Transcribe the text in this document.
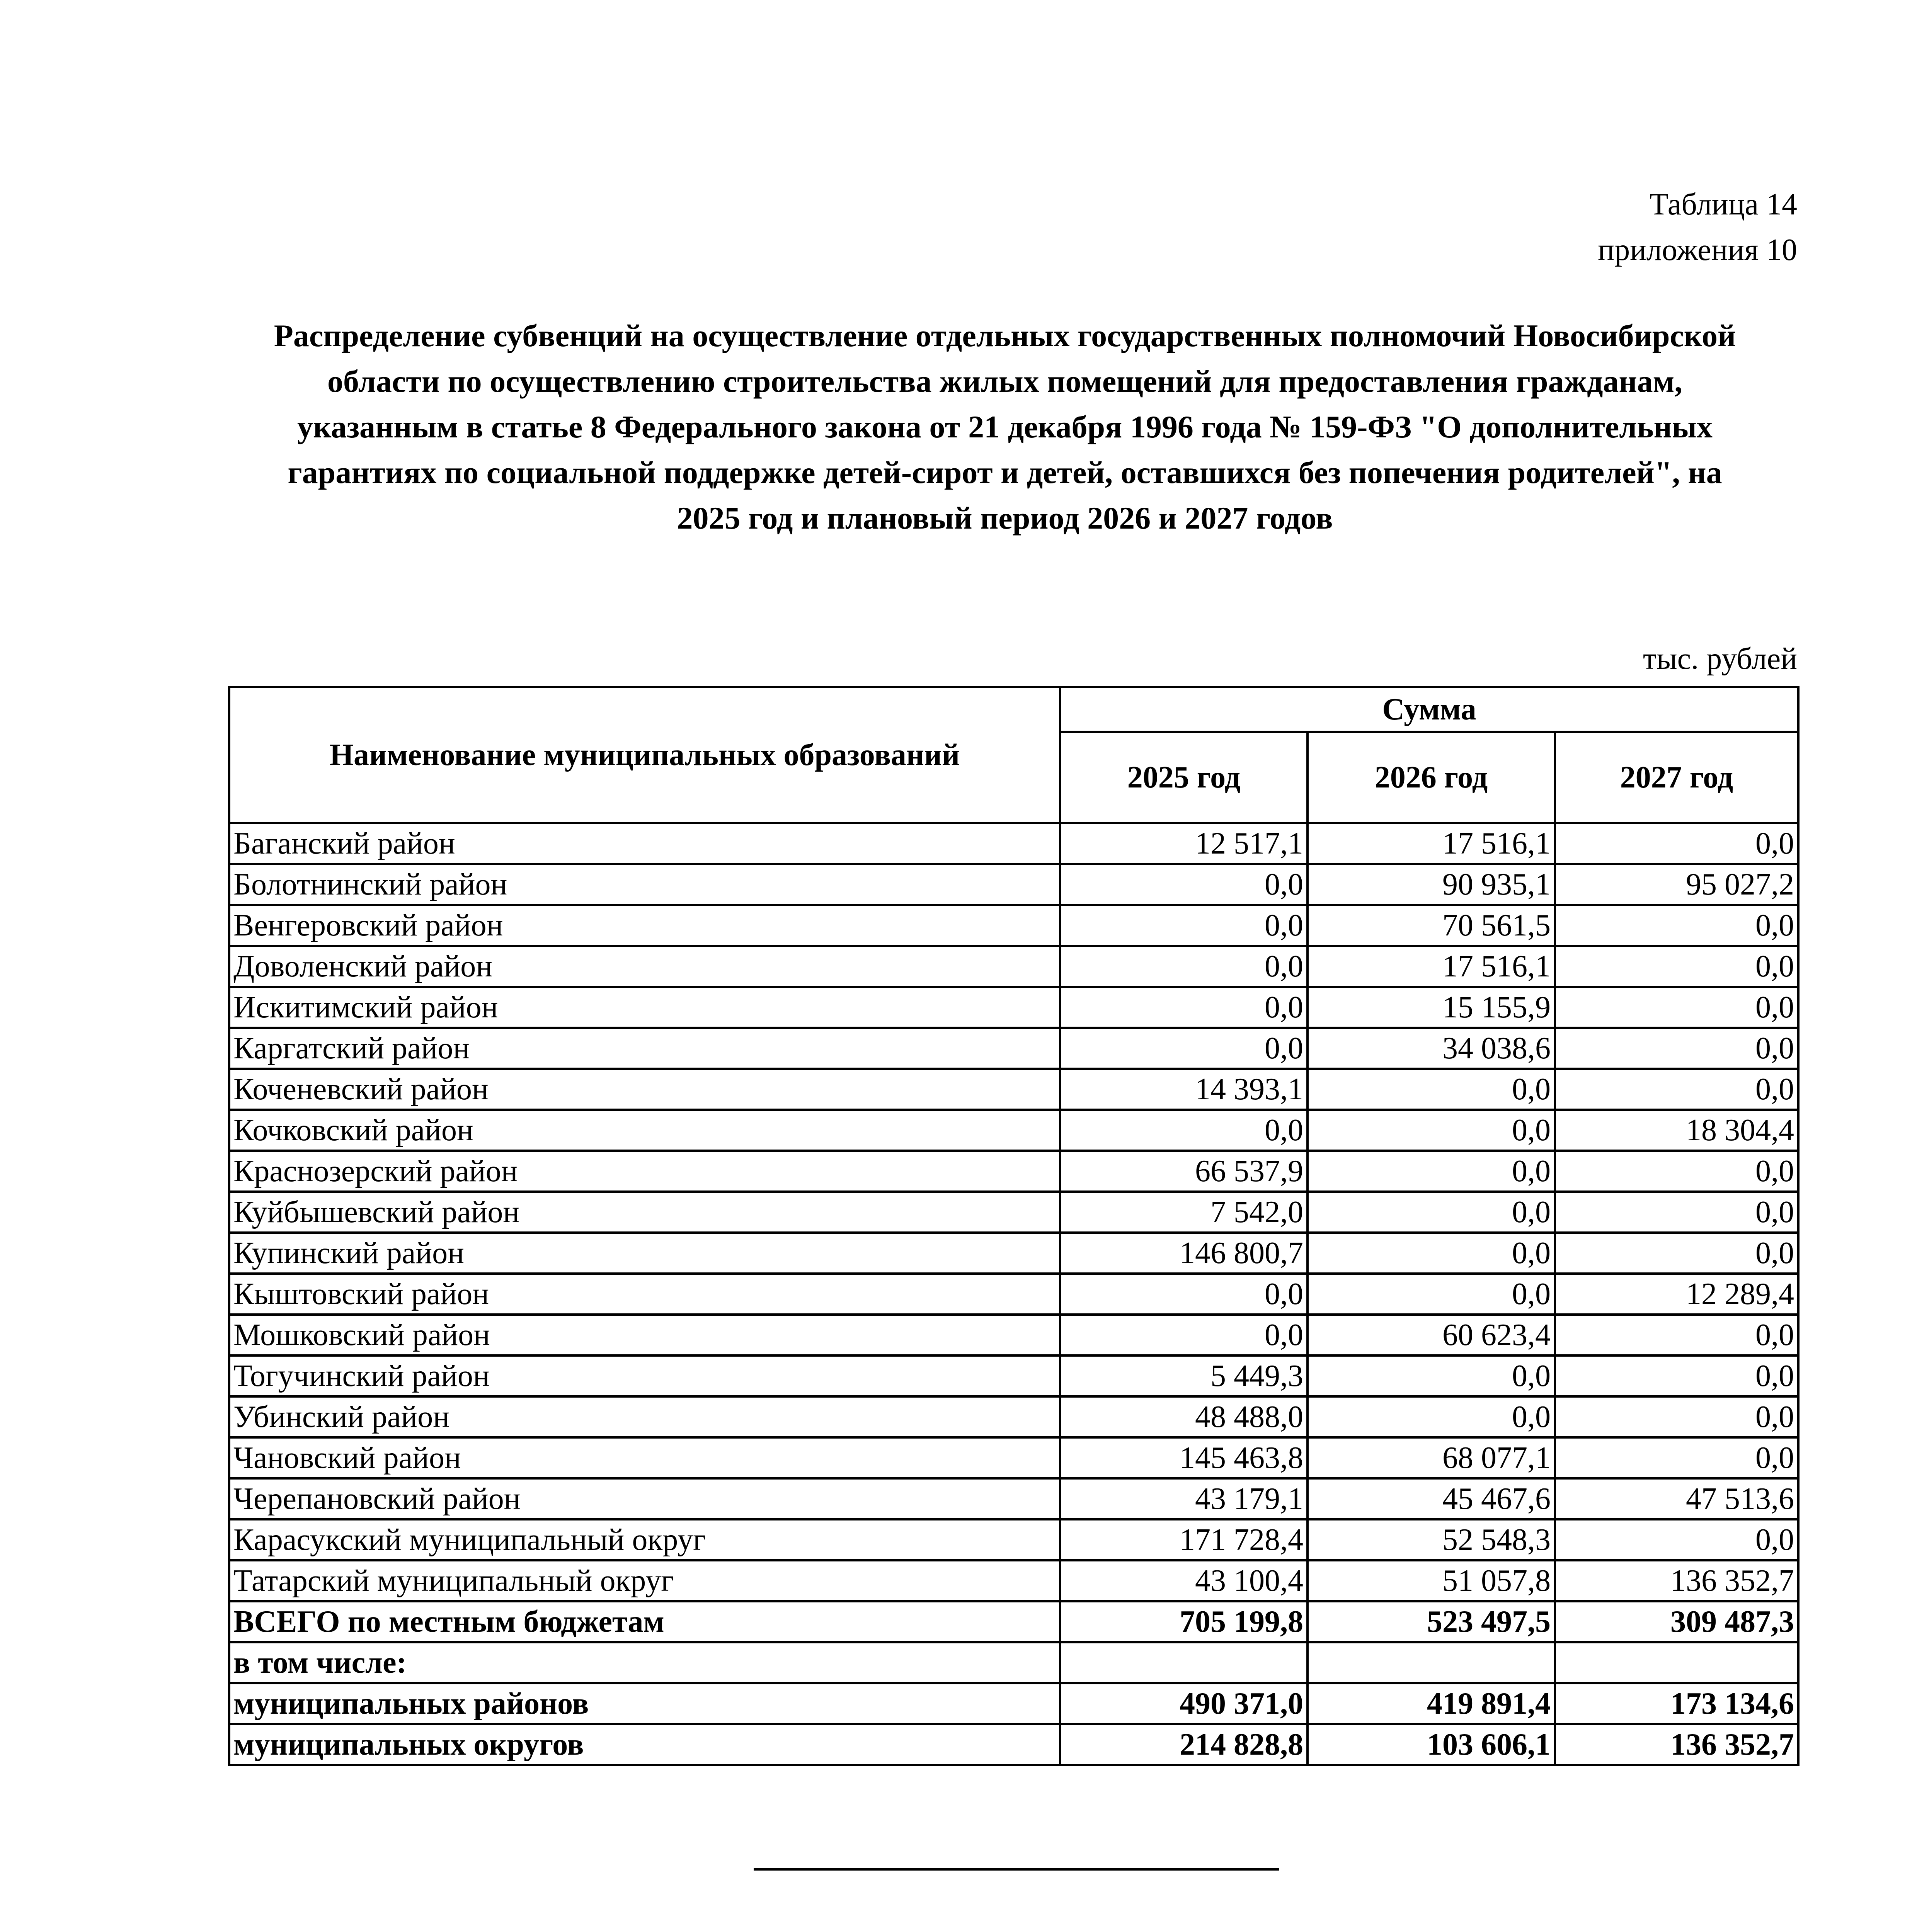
Таблица 14
приложения 10
Распределение субвенций на осуществление отдельных государственных полномочий Новосибирской
области по осуществлению строительства жилых помещений для предоставления гражданам,
указанным в статье 8 Федерального закона от 21 декабря 1996 года № 159-ФЗ "О дополнительных
гарантиях по социальной поддержке детей-сирот и детей, оставшихся без попечения родителей", на
2025 год и плановый период 2026 и 2027 годов
тыс. рублей
Наименование муниципальных образований	Сумма		
	2025 год	2026 год	2027 год
Баганский район	12 517,1	17 516,1	0,0
Болотнинский район	0,0	90 935,1	95 027,2
Венгеровский район	0,0	70 561,5	0,0
Доволенский район	0,0	17 516,1	0,0
Искитимский район	0,0	15 155,9	0,0
Каргатский район	0,0	34 038,6	0,0
Коченевский район	14 393,1	0,0	0,0
Кочковский район	0,0	0,0	18 304,4
Краснозерский район	66 537,9	0,0	0,0
Куйбышевский район	7 542,0	0,0	0,0
Купинский район	146 800,7	0,0	0,0
Кыштовский район	0,0	0,0	12 289,4
Мошковский район	0,0	60 623,4	0,0
Тогучинский район	5 449,3	0,0	0,0
Убинский район	48 488,0	0,0	0,0
Чановский район	145 463,8	68 077,1	0,0
Черепановский район	43 179,1	45 467,6	47 513,6
Карасукский муниципальный округ	171 728,4	52 548,3	0,0
Татарский муниципальный округ	43 100,4	51 057,8	136 352,7
ВСЕГО по местным бюджетам	705 199,8	523 497,5	309 487,3
в том числе:			
муниципальных районов	490 371,0	419 891,4	173 134,6
муниципальных округов	214 828,8	103 606,1	136 352,7
